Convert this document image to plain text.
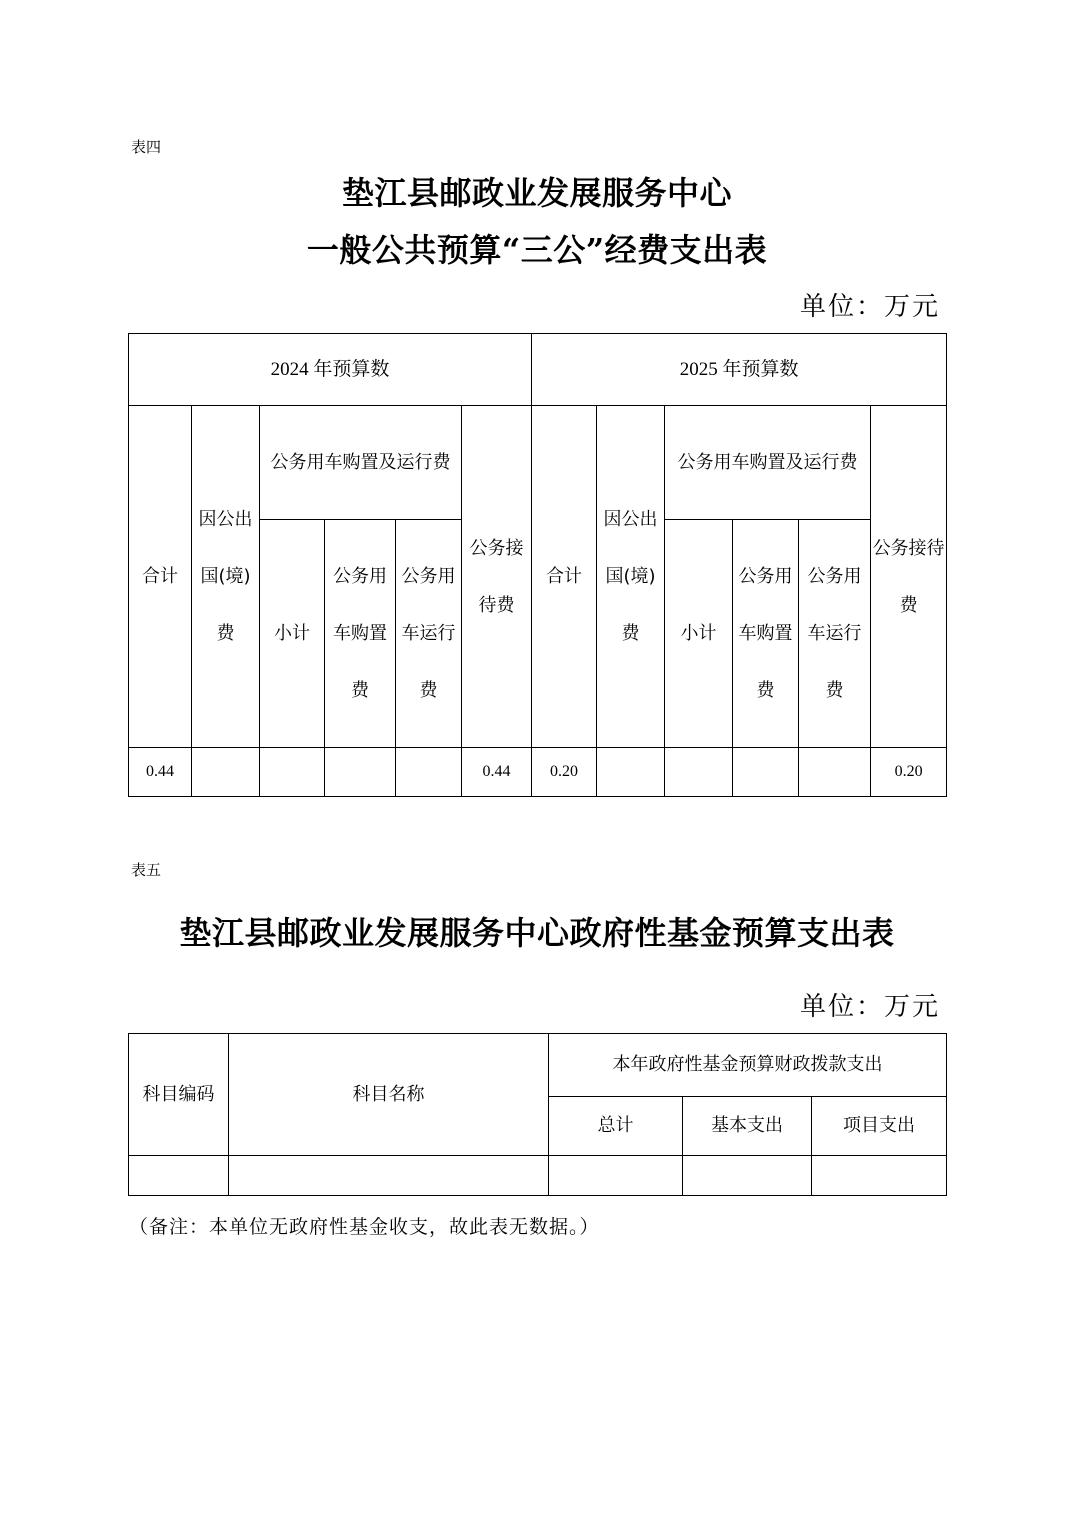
表四
垫江县邮政业发展服务中心
一般公共预算“三公”经费支出表
单位：万元
2024 年预算数						2025 年预算数					
合计	因公出国(境)费	公务用车购置及运行费			公务接待费	合计	因公出国(境)费	公务用车购置及运行费			公务接待费
		小计	公务用车购置费	公务用车运行费				小计	公务用车购置费	公务用车运行费	
0.44					0.44	0.20					0.20
表五
垫江县邮政业发展服务中心政府性基金预算支出表
单位：万元
科目编码	科目名称	本年政府性基金预算财政拨款支出		
		总计	基本支出	项目支出

（备注：本单位无政府性基金收支，故此表无数据。）
